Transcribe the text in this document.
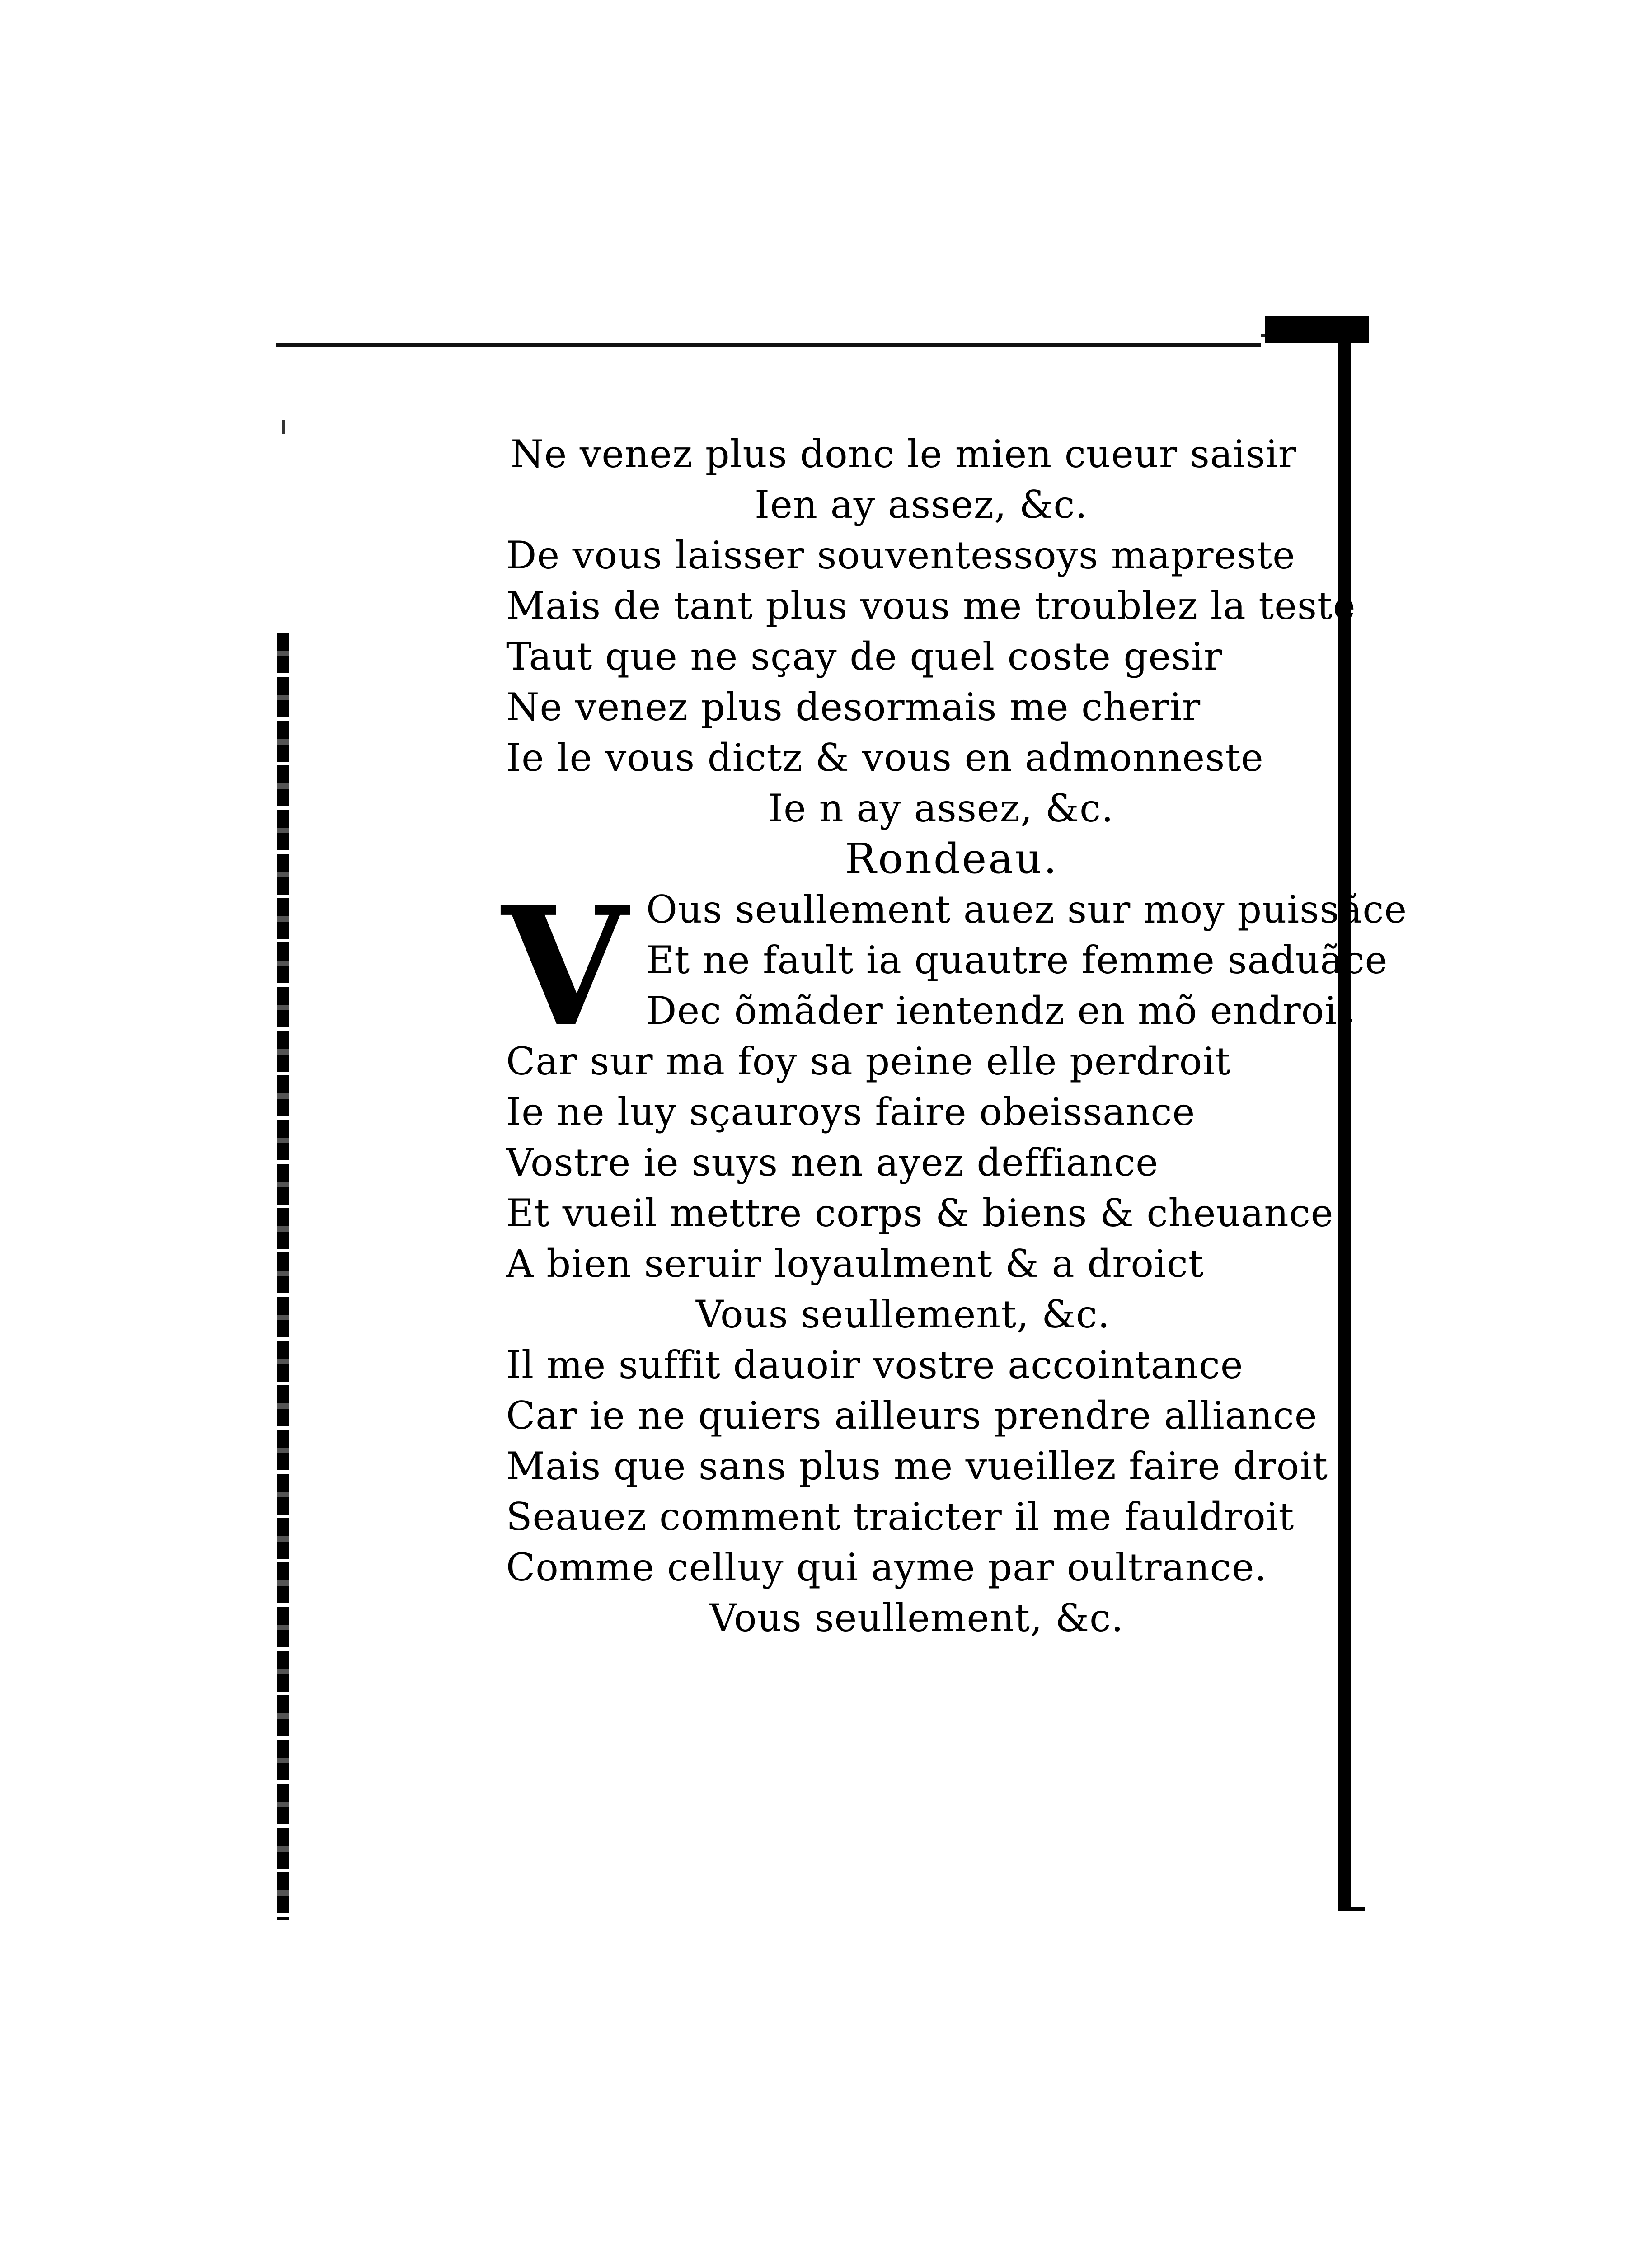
Ne venez plus donc le mien cueur saisir
Ien ay assez, &c.
De vous laisser souventessoys mapreste
Mais de tant plus vous me troublez la teste
Taut que ne sçay de quel coste gesir
Ne venez plus desormais me cherir
Ie le vous dictz & vous en admonneste
Ie n ay assez, &c.
Rondeau.
V Ous seullement auez sur moy puissãce
Et ne fault ia quautre femme saduãce
Dec õmãder ientendz en mõ endroit
Car sur ma foy sa peine elle perdroit
Ie ne luy sçauroys faire obeissance
Vostre ie suys nen ayez deffiance
Et vueil mettre corps & biens & cheuance
A bien seruir loyaulment & a droict
Vous seullement, &c.
Il me suffit dauoir vostre accointance
Car ie ne quiers ailleurs prendre alliance
Mais que sans plus me vueillez faire droit
Seauez comment traicter il me fauldroit
Comme celluy qui ayme par oultrance.
Vous seullement, &c.
